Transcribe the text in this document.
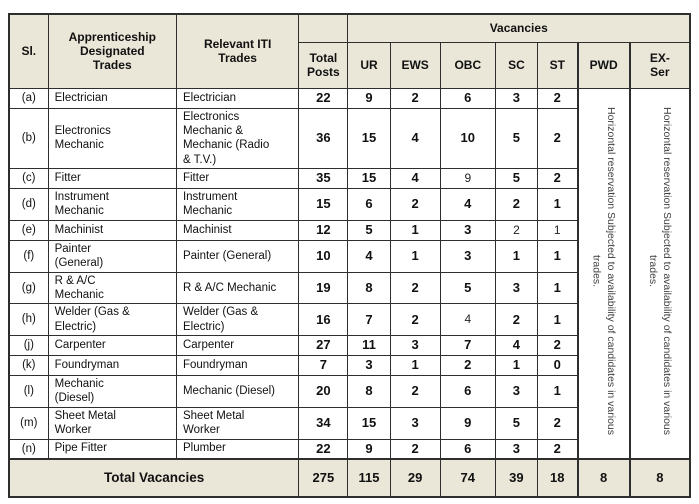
Sl.	Apprenticeship Designated Trades	Relevant ITI Trades		Vacancies						
			Total Posts	UR	EWS	OBC	SC	ST	PWD	EX-Ser
(a)	Electrician	Electrician	22	9	2	6	3	2	Horizontal reservation Subjected to availability of candidates in various trades.	Horizontal reservation Subjected to availability of candidates in various trades.
(b)	Electronics Mechanic	Electronics Mechanic & Mechanic (Radio & T.V.)	36	15	4	10	5	2		
(c)	Fitter	Fitter	35	15	4	9	5	2		
(d)	Instrument Mechanic	Instrument Mechanic	15	6	2	4	2	1		
(e)	Machinist	Machinist	12	5	1	3	2	1		
(f)	Painter (General)	Painter (General)	10	4	1	3	1	1		
(g)	R & A/C Mechanic	R & A/C Mechanic	19	8	2	5	3	1		
(h)	Welder (Gas & Electric)	Welder (Gas & Electric)	16	7	2	4	2	1		
(j)	Carpenter	Carpenter	27	11	3	7	4	2		
(k)	Foundryman	Foundryman	7	3	1	2	1	0		
(l)	Mechanic (Diesel)	Mechanic (Diesel)	20	8	2	6	3	1		
(m)	Sheet Metal Worker	Sheet Metal Worker	34	15	3	9	5	2		
(n)	Pipe Fitter	Plumber	22	9	2	6	3	2		
Total Vacancies			275	115	29	74	39	18	8	8
